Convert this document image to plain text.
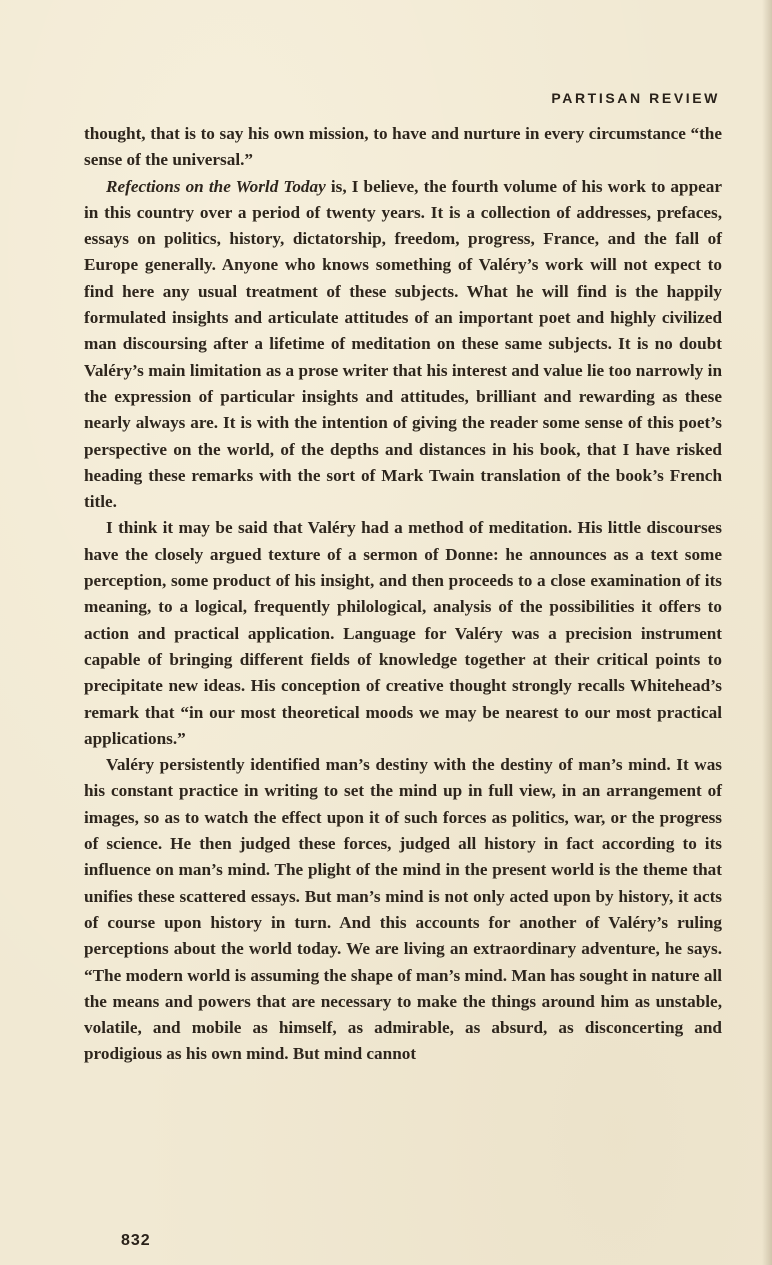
PARTISAN REVIEW

thought, that is to say his own mission, to have and nurture in every circumstance “the sense of the universal.”

Refections on the World Today is, I believe, the fourth volume of his work to appear in this country over a period of twenty years. It is a collection of addresses, prefaces, essays on politics, history, dictatorship, freedom, progress, France, and the fall of Europe generally. Anyone who knows something of Valéry’s work will not expect to find here any usual treatment of these subjects. What he will find is the happily formulated insights and articulate attitudes of an important poet and highly civilized man discoursing after a lifetime of meditation on these same subjects. It is no doubt Valéry’s main limitation as a prose writer that his interest and value lie too narrowly in the expression of particular insights and attitudes, brilliant and rewarding as these nearly always are. It is with the intention of giving the reader some sense of this poet’s perspective on the world, of the depths and distances in his book, that I have risked heading these remarks with the sort of Mark Twain translation of the book’s French title.

I think it may be said that Valéry had a method of meditation. His little discourses have the closely argued texture of a sermon of Donne: he announces as a text some perception, some product of his insight, and then proceeds to a close examination of its meaning, to a logical, frequently philological, analysis of the possibilities it offers to action and practical application. Language for Valéry was a precision instrument capable of bringing different fields of knowledge together at their critical points to precipitate new ideas. His conception of creative thought strongly recalls Whitehead’s remark that “in our most theoretical moods we may be nearest to our most practical applications.”

Valéry persistently identified man’s destiny with the destiny of man’s mind. It was his constant practice in writing to set the mind up in full view, in an arrangement of images, so as to watch the effect upon it of such forces as politics, war, or the progress of science. He then judged these forces, judged all history in fact according to its influence on man’s mind. The plight of the mind in the present world is the theme that unifies these scattered essays. But man’s mind is not only acted upon by history, it acts of course upon history in turn. And this accounts for another of Valéry’s ruling perceptions about the world today. We are living an extraordinary adventure, he says. “The modern world is assuming the shape of man’s mind. Man has sought in nature all the means and powers that are necessary to make the things around him as unstable, volatile, and mobile as himself, as admirable, as absurd, as disconcerting and prodigious as his own mind. But mind cannot

832
